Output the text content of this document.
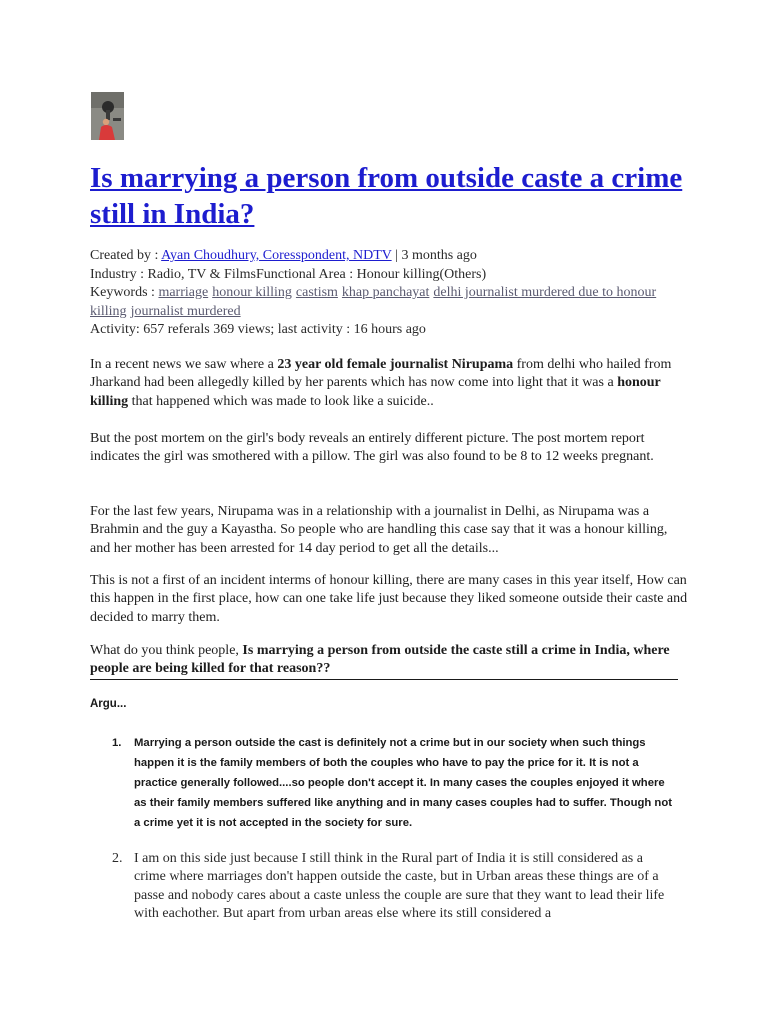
Is marrying a person from outside caste a crime still in India?
Created by : Ayan Choudhury, Coresspondent, NDTV | 3 months ago
Industry : Radio, TV & FilmsFunctional Area : Honour killing(Others)
Keywords : marriage honour killing castism khap panchayat delhi journalist murdered due to honour killing journalist murdered
Activity: 657 referals 369 views; last activity : 16 hours ago

In a recent news we saw where a 23 year old female journalist Nirupama from delhi who hailed from Jharkand had been allegedly killed by her parents which has now come into light that it was a honour killing that happened which was made to look like a suicide..

But the post mortem on the girl's body reveals an entirely different picture. The post mortem report indicates the girl was smothered with a pillow. The girl was also found to be 8 to 12 weeks pregnant.

For the last few years, Nirupama was in a relationship with a journalist in Delhi, as Nirupama was a Brahmin and the guy a Kayastha. So people who are handling this case say that it was a honour killing, and her mother has been arrested for 14 day period to get all the details...

This is not a first of an incident interms of honour killing, there are many cases in this year itself, How can this happen in the first place, how can one take life just because they liked someone outside their caste and decided to marry them.

What do you think people, Is marrying a person from outside the caste still a crime in India, where people are being killed for that reason??

Argu...
1. Marrying a person outside the cast is definitely not a crime but in our society when such things happen it is the family members of both the couples who have to pay the price for it. It is not a practice generally followed....so people don't accept it. In many cases the couples enjoyed it where as their family members suffered like anything and in many cases couples had to suffer. Though not a crime yet it is not accepted in the society for sure.
2. I am on this side just because I still think in the Rural part of India it is still considered as a crime where marriages don't happen outside the caste, but in Urban areas these things are of a passe and nobody cares about a caste unless the couple are sure that they want to lead their life with eachother. But apart from urban areas else where its still considered a
